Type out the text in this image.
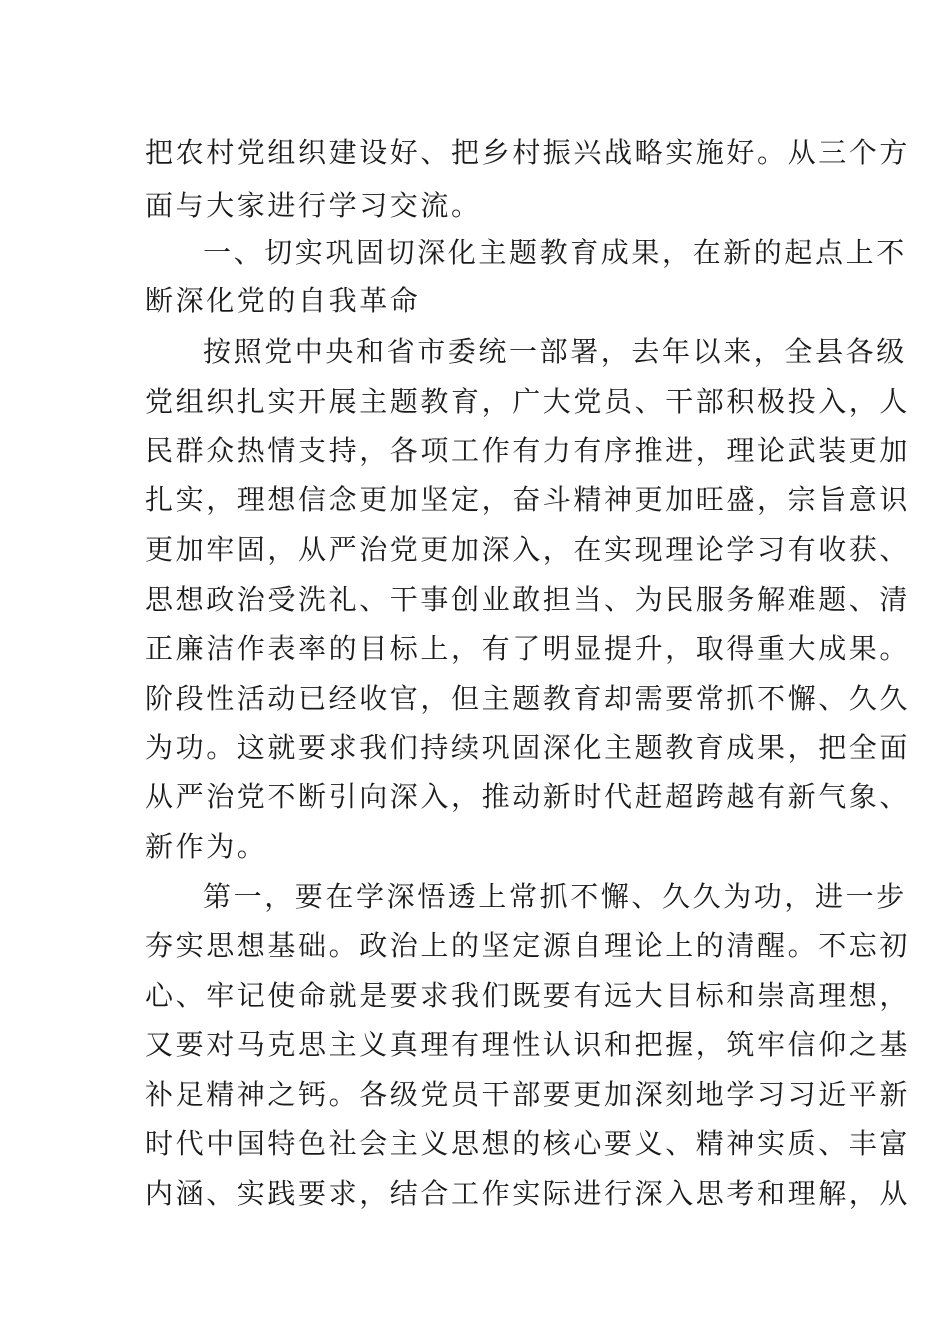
把农村党组织建设好、把乡村振兴战略实施好。从三个方
面与大家进行学习交流。
一、切实巩固切深化主题教育成果，在新的起点上不
断深化党的自我革命
按照党中央和省市委统一部署，去年以来，全县各级
党组织扎实开展主题教育，广大党员、干部积极投入，人
民群众热情支持，各项工作有力有序推进，理论武装更加
扎实，理想信念更加坚定，奋斗精神更加旺盛，宗旨意识
更加牢固，从严治党更加深入，在实现理论学习有收获、
思想政治受洗礼、干事创业敢担当、为民服务解难题、清
正廉洁作表率的目标上，有了明显提升，取得重大成果。
阶段性活动已经收官，但主题教育却需要常抓不懈、久久
为功。这就要求我们持续巩固深化主题教育成果，把全面
从严治党不断引向深入，推动新时代赶超跨越有新气象、
新作为。
第一，要在学深悟透上常抓不懈、久久为功，进一步
夯实思想基础。政治上的坚定源自理论上的清醒。不忘初
心、牢记使命就是要求我们既要有远大目标和崇高理想，
又要对马克思主义真理有理性认识和把握，筑牢信仰之基
补足精神之钙。各级党员干部要更加深刻地学习习近平新
时代中国特色社会主义思想的核心要义、精神实质、丰富
内涵、实践要求，结合工作实际进行深入思考和理解，从
